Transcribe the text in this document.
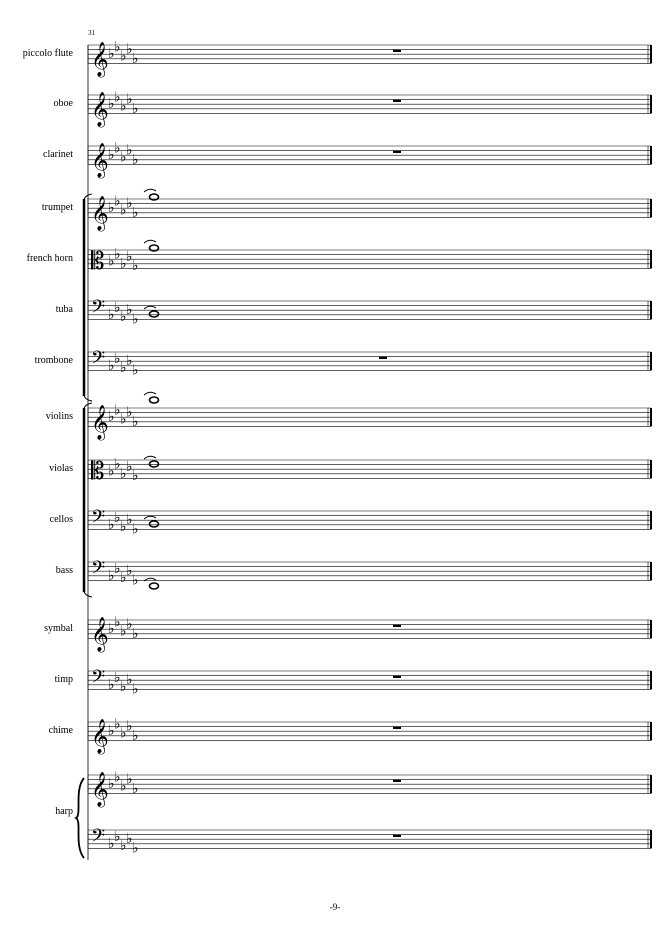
piccolo flute
oboe
clarinet
trumpet
french horn
tuba
trombone
violins
violas
cellos
bass
symbal
timp
chime
harp
31
𝄞 ♭ ♭
♭ ♭
♭
𝄞 ♭ ♭
♭ ♭
♭
𝄞 ♭ ♭
♭ ♭
♭
𝄞 ♭ ♭
♭ ♭
♭
𝄡 ♭ ♭
♭ ♭
♭
𝄢 ♭ ♭
♭ ♭
♭
𝄢 ♭ ♭
♭ ♭
♭
𝄞 ♭ ♭
♭ ♭
♭
𝄡 ♭ ♭
♭ ♭
♭
𝄢 ♭ ♭
♭ ♭
♭
𝄢 ♭ ♭
♭ ♭
♭
𝄞 ♭ ♭
♭ ♭
♭
𝄢 ♭ ♭
♭ ♭
♭
𝄞 ♭ ♭
♭ ♭
♭
𝄞 ♭ ♭
♭ ♭
♭
𝄢 ♭ ♭
♭ ♭
♭
-9-
